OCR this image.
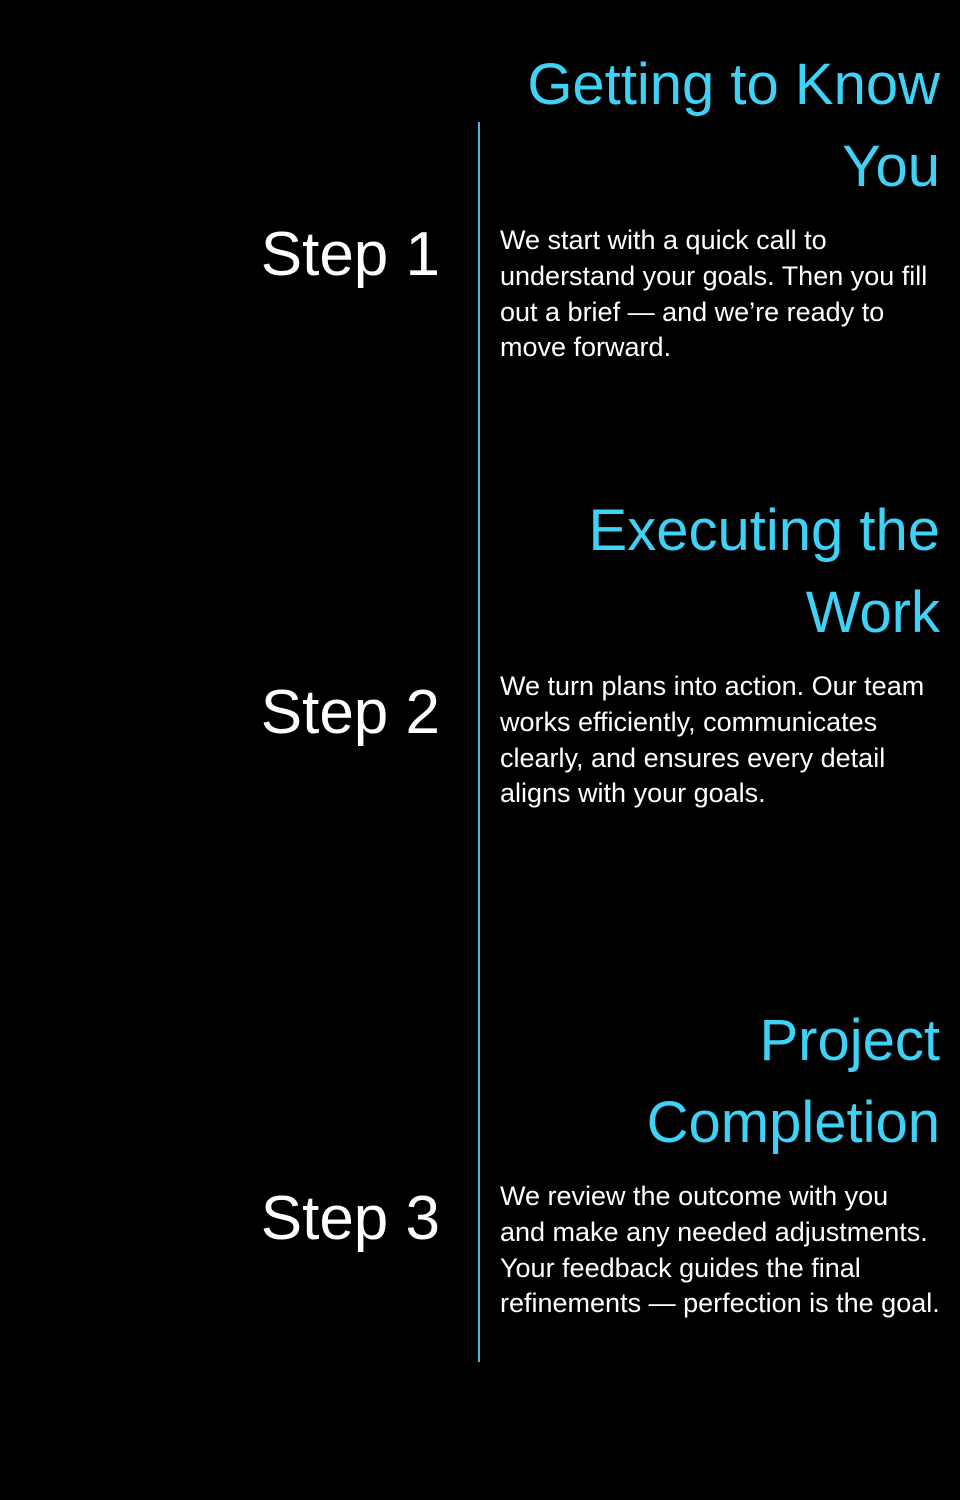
Step 1
Getting to Know You

We start with a quick call to understand your goals. Then you fill out a brief — and we’re ready to move forward.

Step 2
Executing the Work

We turn plans into action. Our team works efficiently, communicates clearly, and ensures every detail aligns with your goals.

Step 3
Project Completion

We review the outcome with you and make any needed adjustments. Your feedback guides the final refinements — perfection is the goal.
